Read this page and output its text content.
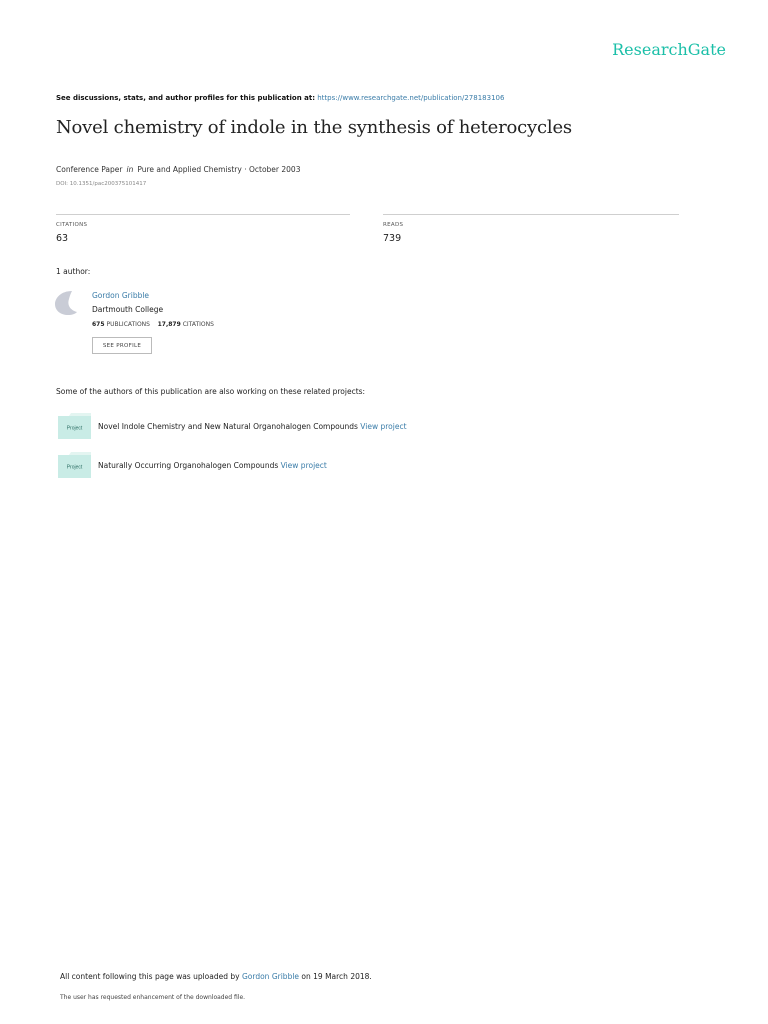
ResearchGate
See discussions, stats, and author profiles for this publication at: https://www.researchgate.net/publication/278183106
Novel chemistry of indole in the synthesis of heterocycles
Conference Paper in Pure and Applied Chemistry · October 2003
DOI: 10.1351/pac200375101417
CITATIONS
63
READS
739
1 author:
Gordon Gribble
Dartmouth College
675 PUBLICATIONS 17,879 CITATIONS
SEE PROFILE
Some of the authors of this publication are also working on these related projects:
Project Novel Indole Chemistry and New Natural Organohalogen Compounds View project
Project Naturally Occurring Organohalogen Compounds View project
All content following this page was uploaded by Gordon Gribble on 19 March 2018.
The user has requested enhancement of the downloaded file.
